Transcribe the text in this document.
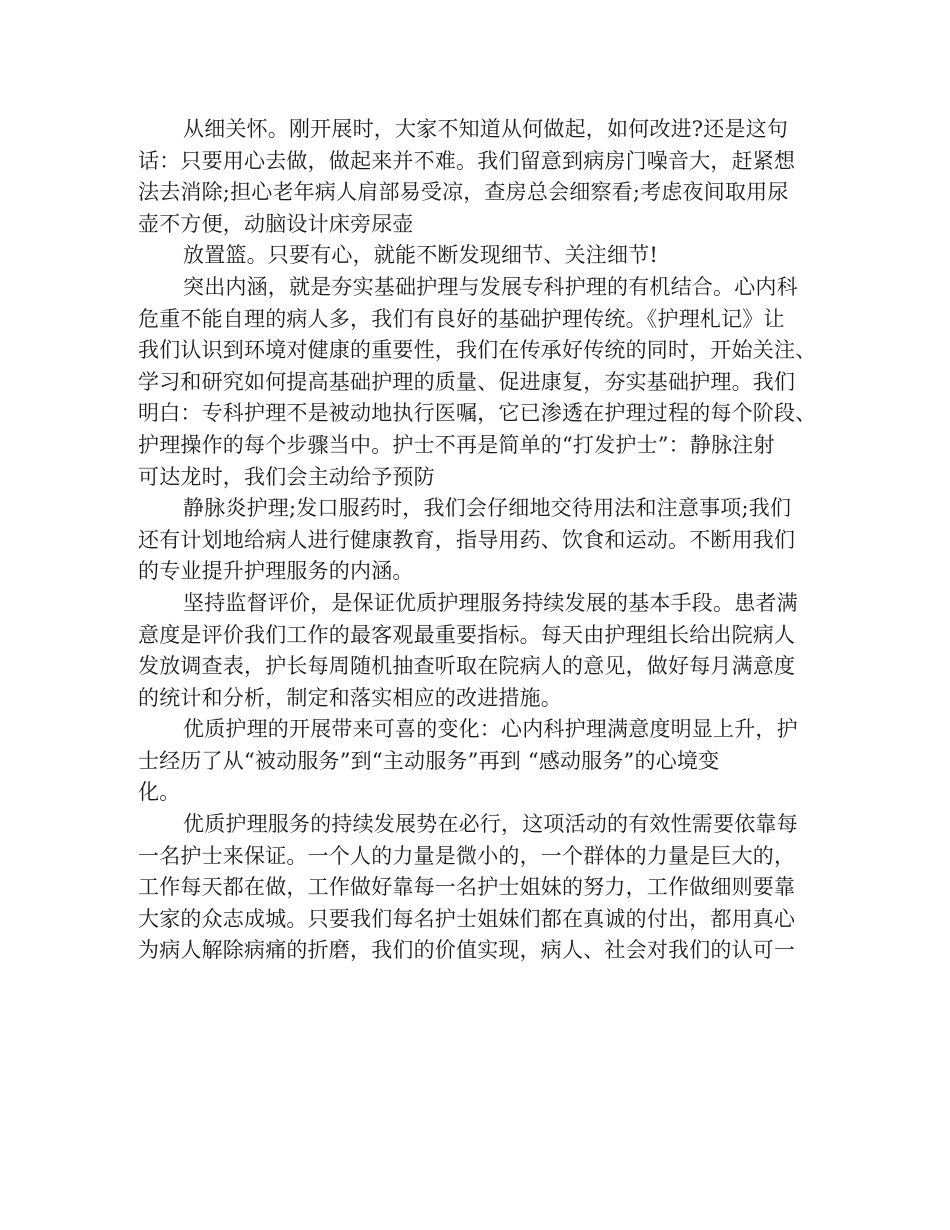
从细关怀。刚开展时，大家不知道从何做起，如何改进?还是这句
话：只要用心去做，做起来并不难。我们留意到病房门噪音大，赶紧想
法去消除;担心老年病人肩部易受凉，查房总会细察看;考虑夜间取用尿
壶不方便，动脑设计床旁尿壶

放置篮。只要有心，就能不断发现细节、关注细节!

突出内涵，就是夯实基础护理与发展专科护理的有机结合。心内科
危重不能自理的病人多，我们有良好的基础护理传统。《护理札记》让
我们认识到环境对健康的重要性，我们在传承好传统的同时，开始关注、
学习和研究如何提高基础护理的质量、促进康复，夯实基础护理。我们
明白：专科护理不是被动地执行医嘱，它已渗透在护理过程的每个阶段、
护理操作的每个步骤当中。护士不再是简单的“打发护士”：静脉注射
可达龙时，我们会主动给予预防

静脉炎护理;发口服药时，我们会仔细地交待用法和注意事项;我们
还有计划地给病人进行健康教育，指导用药、饮食和运动。不断用我们
的专业提升护理服务的内涵。

坚持监督评价，是保证优质护理服务持续发展的基本手段。患者满
意度是评价我们工作的最客观最重要指标。每天由护理组长给出院病人
发放调查表，护长每周随机抽查听取在院病人的意见，做好每月满意度
的统计和分析，制定和落实相应的改进措施。

优质护理的开展带来可喜的变化：心内科护理满意度明显上升，护
士经历了从“被动服务”到“主动服务”再到 “感动服务”的心境变
化。

优质护理服务的持续发展势在必行，这项活动的有效性需要依靠每
一名护士来保证。一个人的力量是微小的，一个群体的力量是巨大的，
工作每天都在做，工作做好靠每一名护士姐妹的努力，工作做细则要靠
大家的众志成城。只要我们每名护士姐妹们都在真诚的付出，都用真心
为病人解除病痛的折磨，我们的价值实现，病人、社会对我们的认可一
